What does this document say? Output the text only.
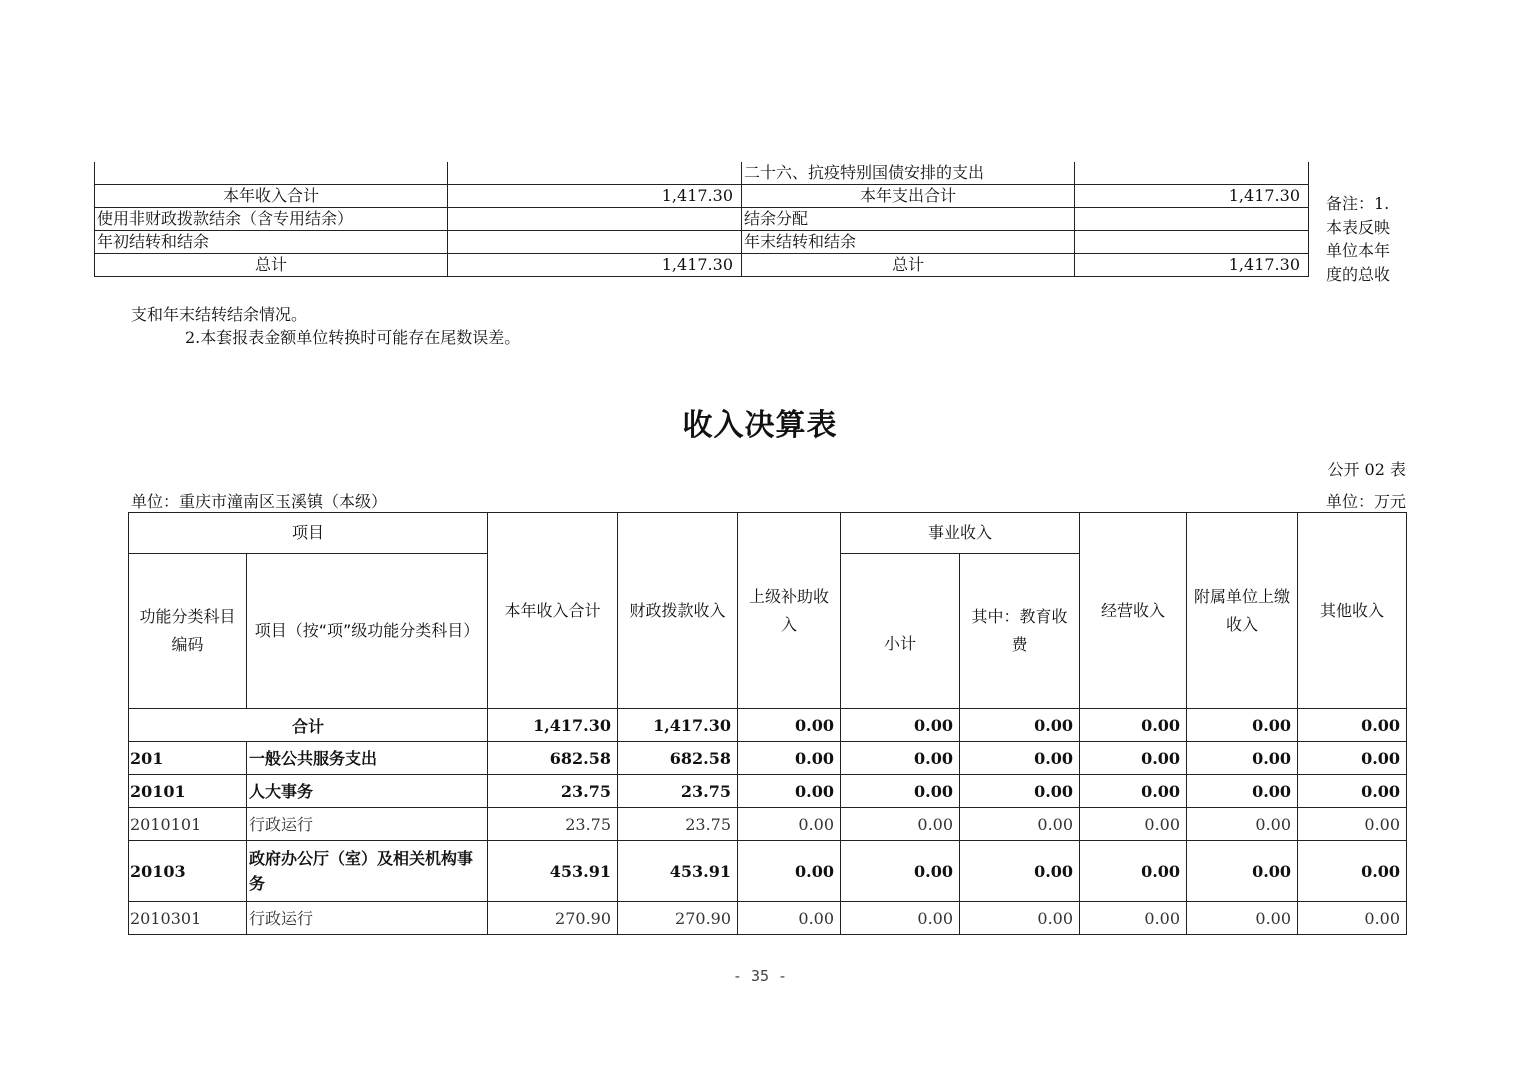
		二十六、抗疫特别国债安排的支出	
本年收入合计	1,417.30	本年支出合计	1,417.30
使用非财政拨款结余（含专用结余）		结余分配	
年初结转和结余		年末结转和结余	
总计	1,417.30	总计	1,417.30
备注：1.本表反映单位本年度的总收
支和年末结转结余情况。
2.本套报表金额单位转换时可能存在尾数误差。
收入决算表
公开 02 表
单位：重庆市潼南区玉溪镇（本级）	单位：万元
项目		本年收入合计	财政拨款收入	上级补助收入	事业收入		经营收入	附属单位上缴收入	其他收入
功能分类科目编码	项目（按“项”级功能分类科目）				小计	其中：教育收费			
合计		1,417.30	1,417.30	0.00	0.00	0.00	0.00	0.00	0.00
201	一般公共服务支出	682.58	682.58	0.00	0.00	0.00	0.00	0.00	0.00
20101	人大事务	23.75	23.75	0.00	0.00	0.00	0.00	0.00	0.00
2010101	行政运行	23.75	23.75	0.00	0.00	0.00	0.00	0.00	0.00
20103	政府办公厅（室）及相关机构事务	453.91	453.91	0.00	0.00	0.00	0.00	0.00	0.00
2010301	行政运行	270.90	270.90	0.00	0.00	0.00	0.00	0.00	0.00
- 35 -
